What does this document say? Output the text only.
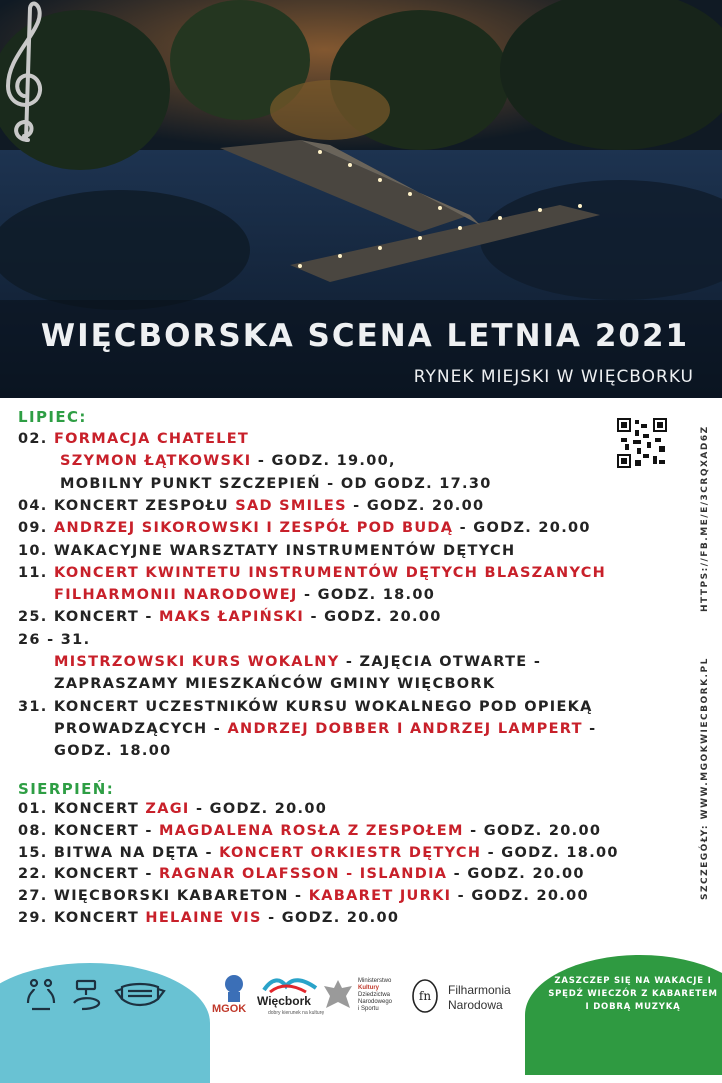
WIĘCBORSKA SCENA LETNIA 2021
RYNEK MIEJSKI W WIĘCBORKU
LIPIEC:
02. FORMACJA CHATELET
SZYMON ŁĄTKOWSKI - GODZ. 19.00,
MOBILNY PUNKT SZCZEPIEŃ - OD GODZ. 17.30
04. KONCERT ZESPOŁU SAD SMILES - GODZ. 20.00
09. ANDRZEJ SIKOROWSKI I ZESPÓŁ POD BUDĄ - GODZ. 20.00
10. WAKACYJNE WARSZTATY INSTRUMENTÓW DĘTYCH
11. KONCERT KWINTETU INSTRUMENTÓW DĘTYCH BLASZANYCH
FILHARMONII NARODOWEJ - GODZ. 18.00
25. KONCERT - MAKS ŁAPIŃSKI - GODZ. 20.00
26 - 31.
MISTRZOWSKI KURS WOKALNY - ZAJĘCIA OTWARTE -
ZAPRASZAMY MIESZKAŃCÓW GMINY WIĘCBORK
31. KONCERT UCZESTNIKÓW KURSU WOKALNEGO POD OPIEKĄ
PROWADZĄCYCH - ANDRZEJ DOBBER I ANDRZEJ LAMPERT -
GODZ. 18.00
SIERPIEŃ:
01. KONCERT ZAGI - GODZ. 20.00
08. KONCERT - MAGDALENA ROSŁA Z ZESPOŁEM - GODZ. 20.00
15. BITWA NA DĘTA - KONCERT ORKIESTR DĘTYCH - GODZ. 18.00
22. KONCERT - RAGNAR OLAFSSON - ISLANDIA - GODZ. 20.00
27. WIĘCBORSKI KABARETON - KABARET JURKI - GODZ. 20.00
29. KONCERT HELAINE VIS - GODZ. 20.00
HTTPS://FB.ME/E/3CRQXAD6Z
SZCZEGÓŁY: WWW.MGOKWIECBORK.PL
MGOK
Więcbork
dobry kierunek na kulturę
Ministerstwo
Kultury
Dziedzictwa
Narodowego
i Sportu
fn Filharmonia
Narodowa
ZASZCZEP SIĘ NA WAKACJE I SPĘDŹ WIECZÓR Z KABARETEM I DOBRĄ MUZYKĄ
